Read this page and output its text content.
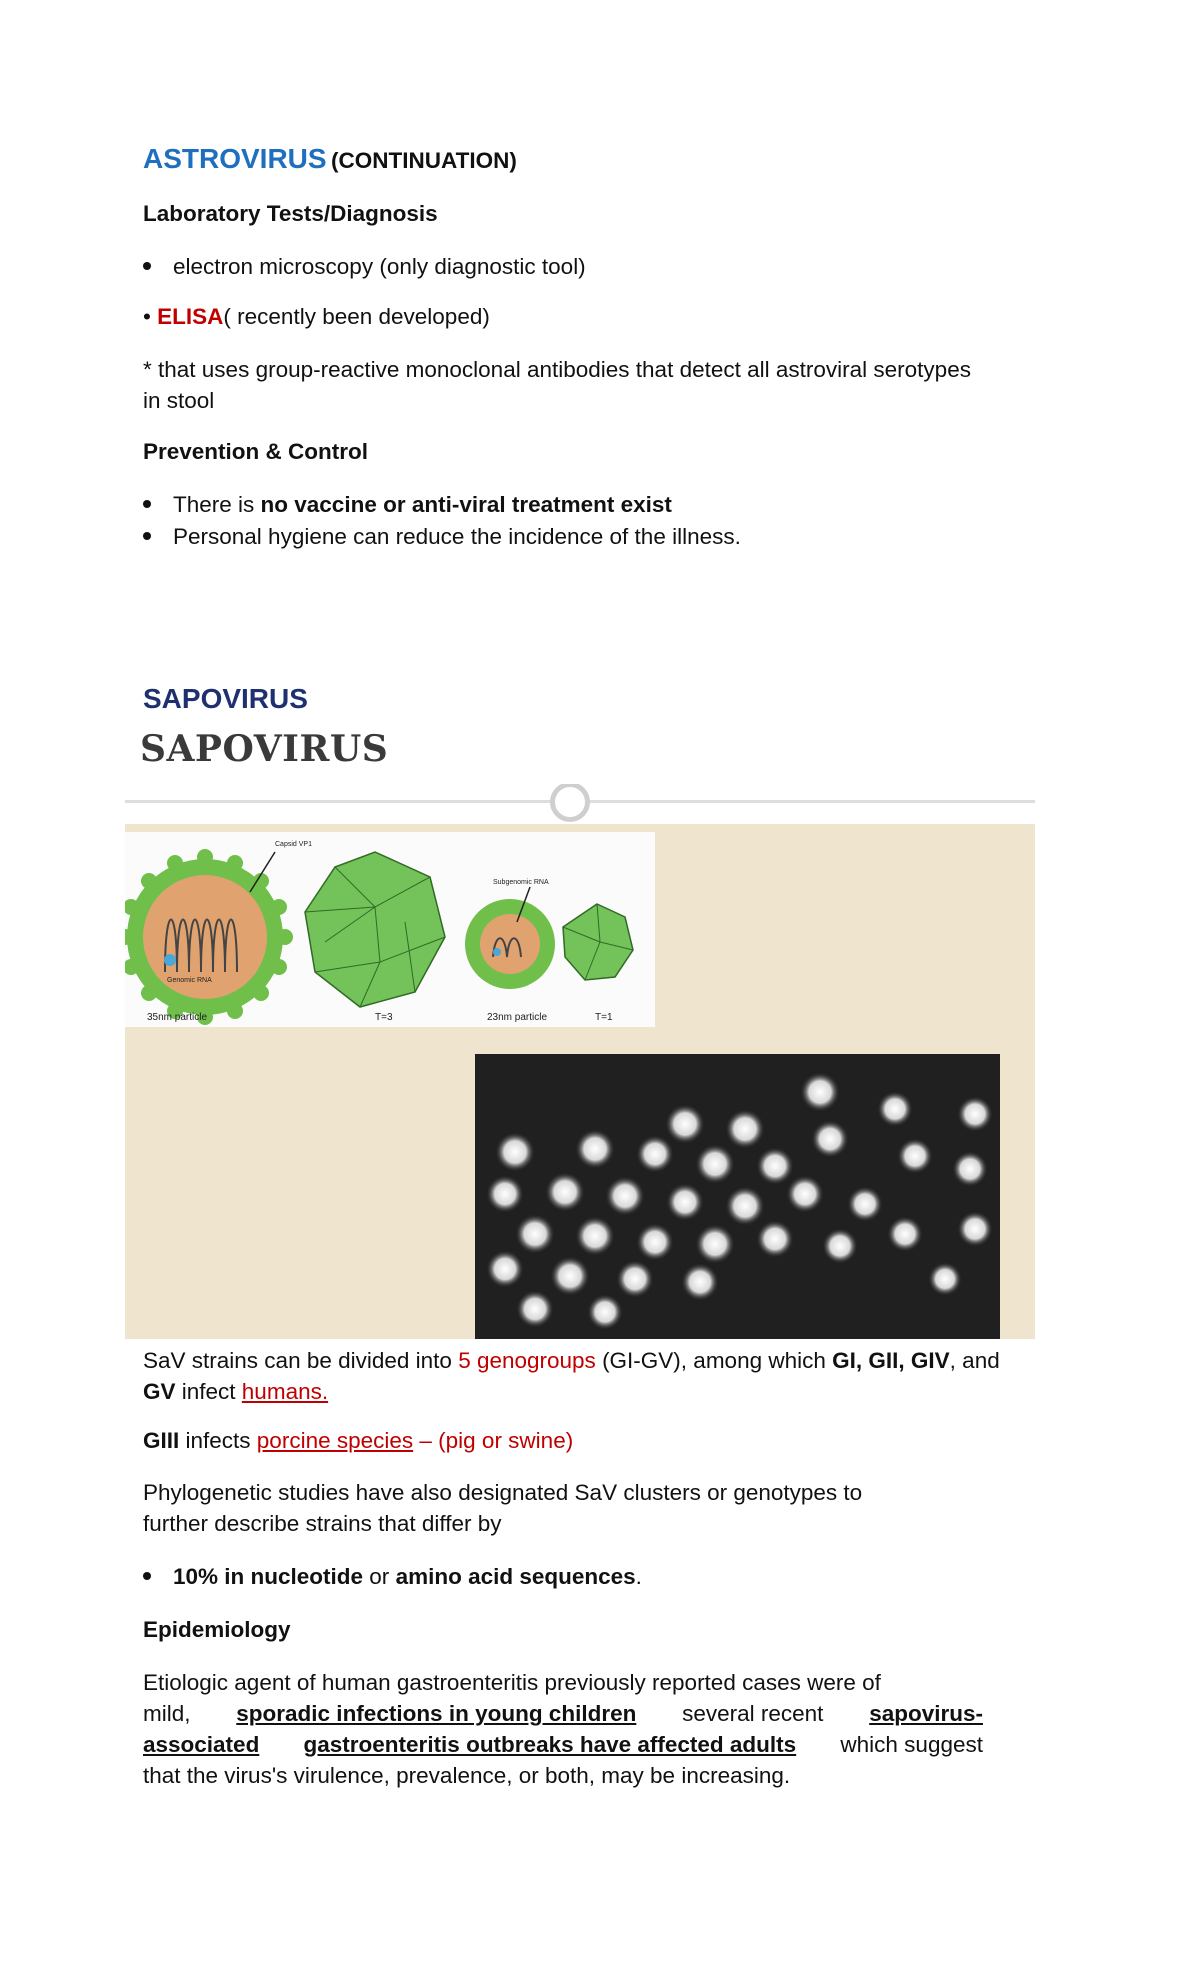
ASTROVIRUS (CONTINUATION)
Laboratory Tests/Diagnosis
electron microscopy (only diagnostic tool)
• ELISA( recently been developed)
* that uses group-reactive monoclonal antibodies that detect all astroviral serotypes
in stool
Prevention & Control
There is no vaccine or anti-viral treatment exist
Personal hygiene can reduce the incidence of the illness.
SAPOVIRUS
SAPOVIRUS
35nm particle	T=3	23nm particle	T=1
Capsid VP1
Genomic RNA
Subgenomic RNA
SaV strains can be divided into 5 genogroups (GI-GV), among which GI, GII, GIV, and
GV infect humans.
GIII infects porcine species – (pig or swine)
Phylogenetic studies have also designated SaV clusters or genotypes to
further describe strains that differ by
10% in nucleotide or amino acid sequences.
Epidemiology
Etiologic agent of human gastroenteritis previously reported cases were of
mild, sporadic infections in young children several recent sapovirus-
associated gastroenteritis outbreaks have affected adults which suggest
that the virus's virulence, prevalence, or both, may be increasing.
